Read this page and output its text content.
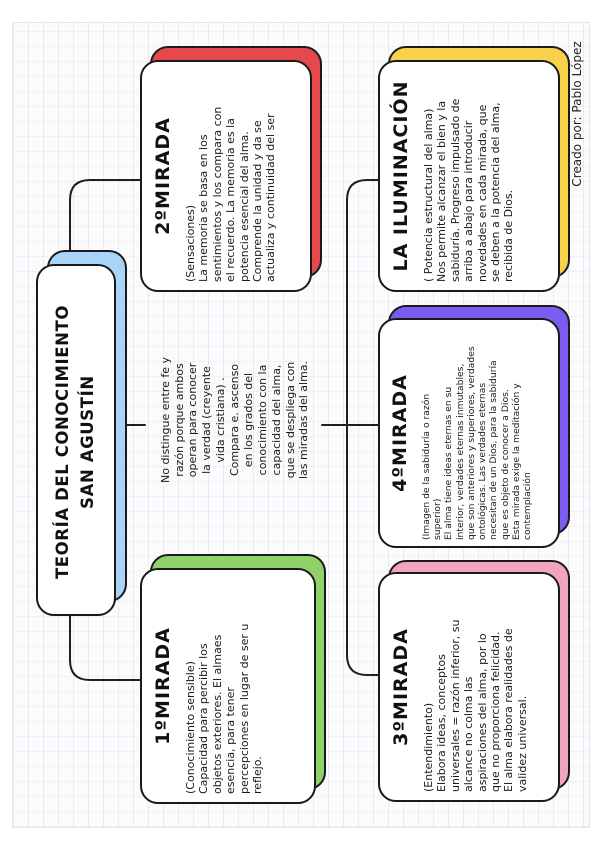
TEORÍA DEL CONOCIMIENTO
SAN AGUSTÍN
No distingue entre fe y
razón porque ambos
operan para conocer
la verdad (creyente
vida cristiana) .
Compara e. ascenso
en los grados del
conocimiento con la
capacidad del alma,
que se despliega con
las miradas del alma.
2ºMIRADA
(Sensaciones)
La memoria se basa en los
sentimientos y los compara con
el recuerdo. La memoria es la
potencia esencial del alma.
Comprende la unidad y da se
actualiza y continuidad del ser
1ºMIRADA
(Conocimiento sensible)
Capacidad para percibir los
objetos exteriores. El almaes
esencia, para tener
percepciones en lugar de ser u
reflejo.
LA ILUMINACIÓN
( Potencia estructural del alma)
Nos permite alcanzar el bien y la
sabiduría. Progreso impulsado de
arriba a abajo para introducir
novedades en cada mirada, que
se deben a la potencia del alma,
recibida de Dios.
4ºMIRADA
(Imagen de la sabiduría o razón
superior)
El alma tiene ideas eternas en su
interior, verdades eternas inmutables,
que son anteriores y superiores, verdades
ontológicas. Las verdades eternas
necesitan de un Dios, para la sabiduría
que es objeto de conocer a Dios.
Esta mirada exige la meditación y
contemplación
3ºMIRADA
(Entendimiento)
Elabora ideas, conceptos
universales = razón inferior, su
alcance no colma las
aspiraciones del alma, por lo
que no proporciona felicidad.
El alma elabora realidades de
validez universal.
Creado por: Pablo López
